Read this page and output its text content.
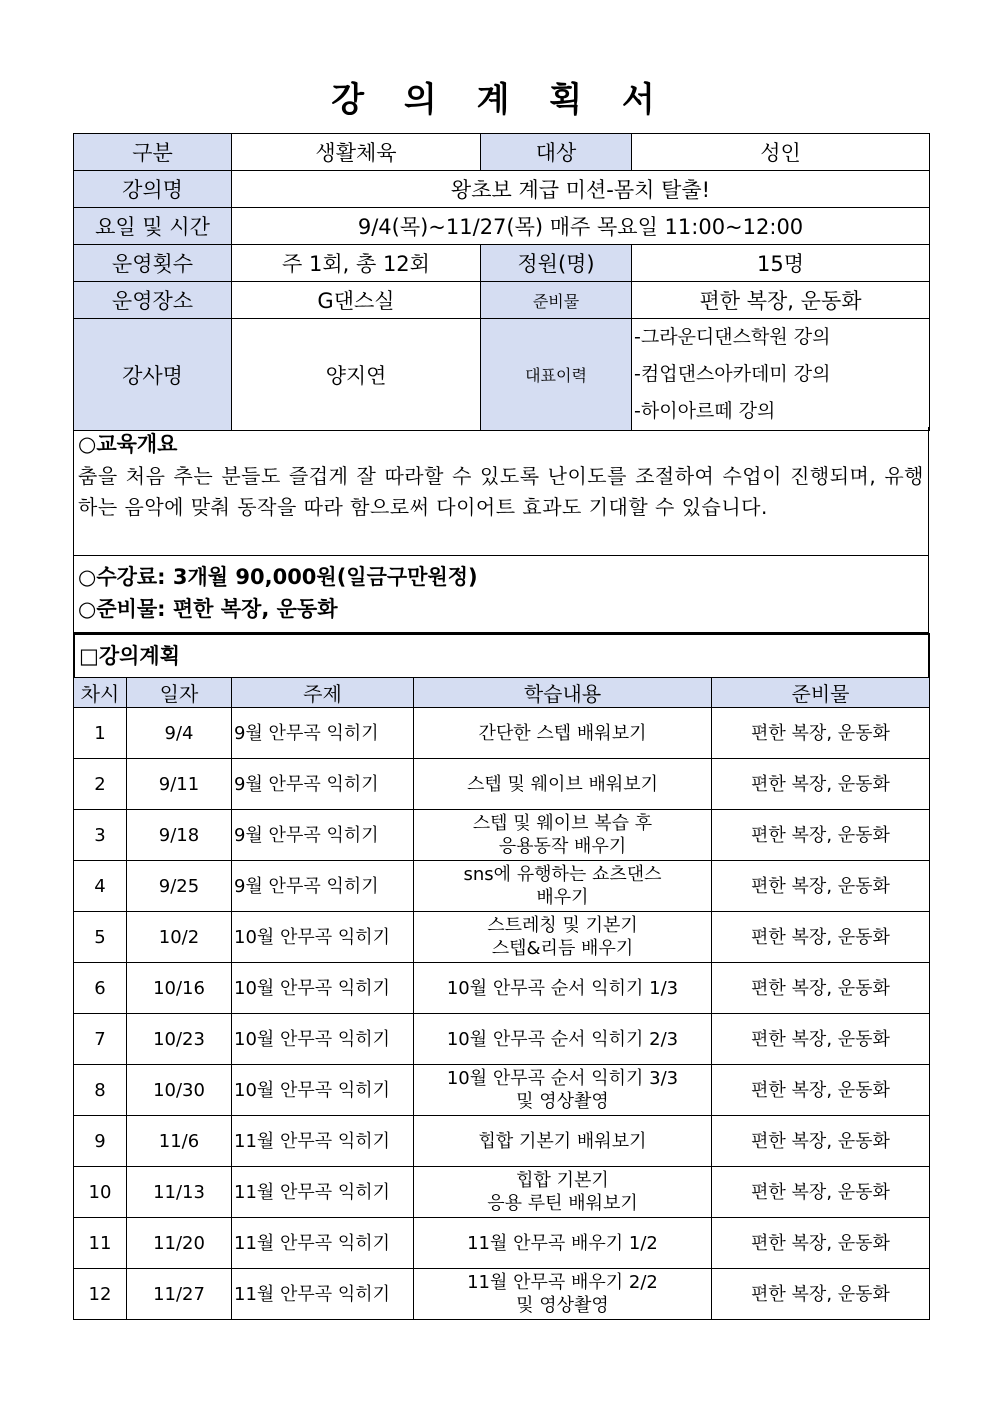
강 의 계 획 서
구분	생활체육	대상	성인
강의명	왕초보 계급 미션-몸치 탈출!		
요일 및 시간	9/4(목)~11/27(목) 매주 목요일 11:00~12:00		
운영횟수	주 1회, 총 12회	정원(명)	15명
운영장소	G댄스실	준비물	편한 복장, 운동화
강사명	양지연	대표이력	-그라운디댄스학원 강의
-컴업댄스아카데미 강의
-하이아르떼 강의
○교육개요
춤을 처음 추는 분들도 즐겁게 잘 따라할 수 있도록 난이도를 조절하여 수업이 진행되며, 유행하는 음악에 맞춰 동작을 따라 함으로써 다이어트 효과도 기대할 수 있습니다.
○수강료: 3개월 90,000원(일금구만원정)
○준비물: 편한 복장, 운동화
□강의계획
차시	일자	주제	학습내용	준비물
1	9/4	9월 안무곡 익히기	간단한 스텝 배워보기	편한 복장, 운동화
2	9/11	9월 안무곡 익히기	스텝 및 웨이브 배워보기	편한 복장, 운동화
3	9/18	9월 안무곡 익히기	스텝 및 웨이브 복습 후
응용동작 배우기	편한 복장, 운동화
4	9/25	9월 안무곡 익히기	sns에 유행하는 쇼츠댄스
배우기	편한 복장, 운동화
5	10/2	10월 안무곡 익히기	스트레칭 및 기본기
스텝&리듬 배우기	편한 복장, 운동화
6	10/16	10월 안무곡 익히기	10월 안무곡 순서 익히기 1/3	편한 복장, 운동화
7	10/23	10월 안무곡 익히기	10월 안무곡 순서 익히기 2/3	편한 복장, 운동화
8	10/30	10월 안무곡 익히기	10월 안무곡 순서 익히기 3/3
및 영상촬영	편한 복장, 운동화
9	11/6	11월 안무곡 익히기	힙합 기본기 배워보기	편한 복장, 운동화
10	11/13	11월 안무곡 익히기	힙합 기본기
응용 루틴 배워보기	편한 복장, 운동화
11	11/20	11월 안무곡 익히기	11월 안무곡 배우기 1/2	편한 복장, 운동화
12	11/27	11월 안무곡 익히기	11월 안무곡 배우기 2/2
및 영상촬영	편한 복장, 운동화
